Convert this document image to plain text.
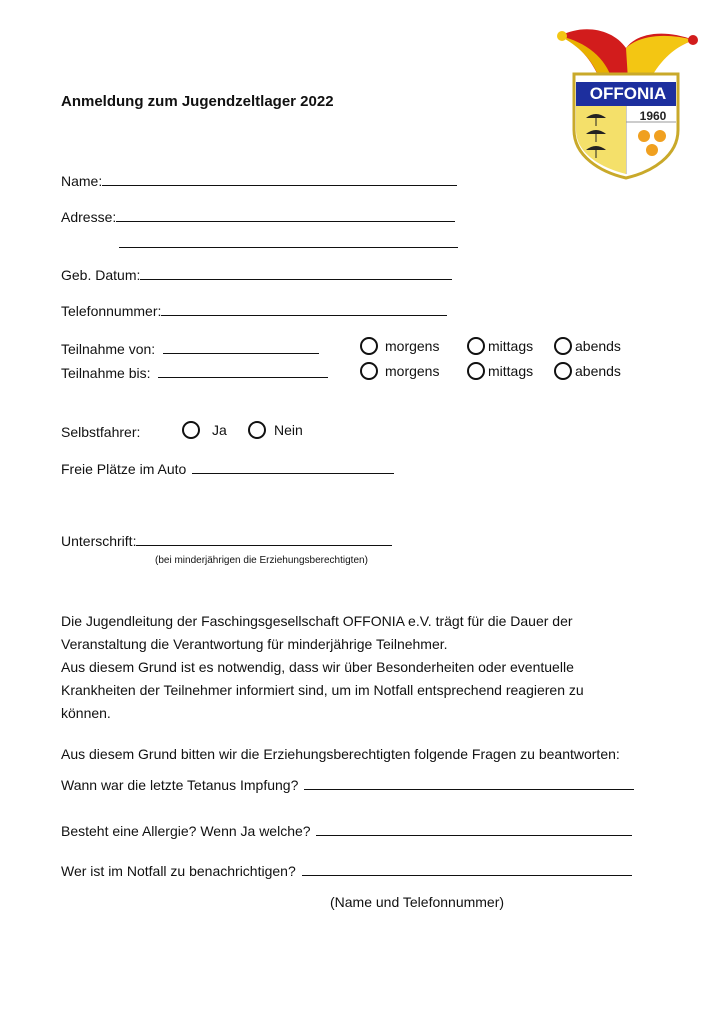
OFFONIA
1960
Anmeldung zum Jugendzeltlager 2022
Name:
Adresse:
Geb. Datum:
Telefonnummer:
Teilnahme von:	morgens	mittags	abends
Teilnahme bis:	morgens	mittags	abends
Selbstfahrer:	Ja	Nein
Freie Plätze im Auto
Unterschrift:
(bei minderjährigen die Erziehungsberechtigten)
Die Jugendleitung der Faschingsgesellschaft OFFONIA e.V. trägt für die Dauer der
Veranstaltung die Verantwortung für minderjährige Teilnehmer.
Aus diesem Grund ist es notwendig, dass wir über Besonderheiten oder eventuelle
Krankheiten der Teilnehmer informiert sind, um im Notfall entsprechend reagieren zu
können.
Aus diesem Grund bitten wir die Erziehungsberechtigten folgende Fragen zu beantworten:
Wann war die letzte Tetanus Impfung?
Besteht eine Allergie? Wenn Ja welche?
Wer ist im Notfall zu benachrichtigen?
(Name und Telefonnummer)
